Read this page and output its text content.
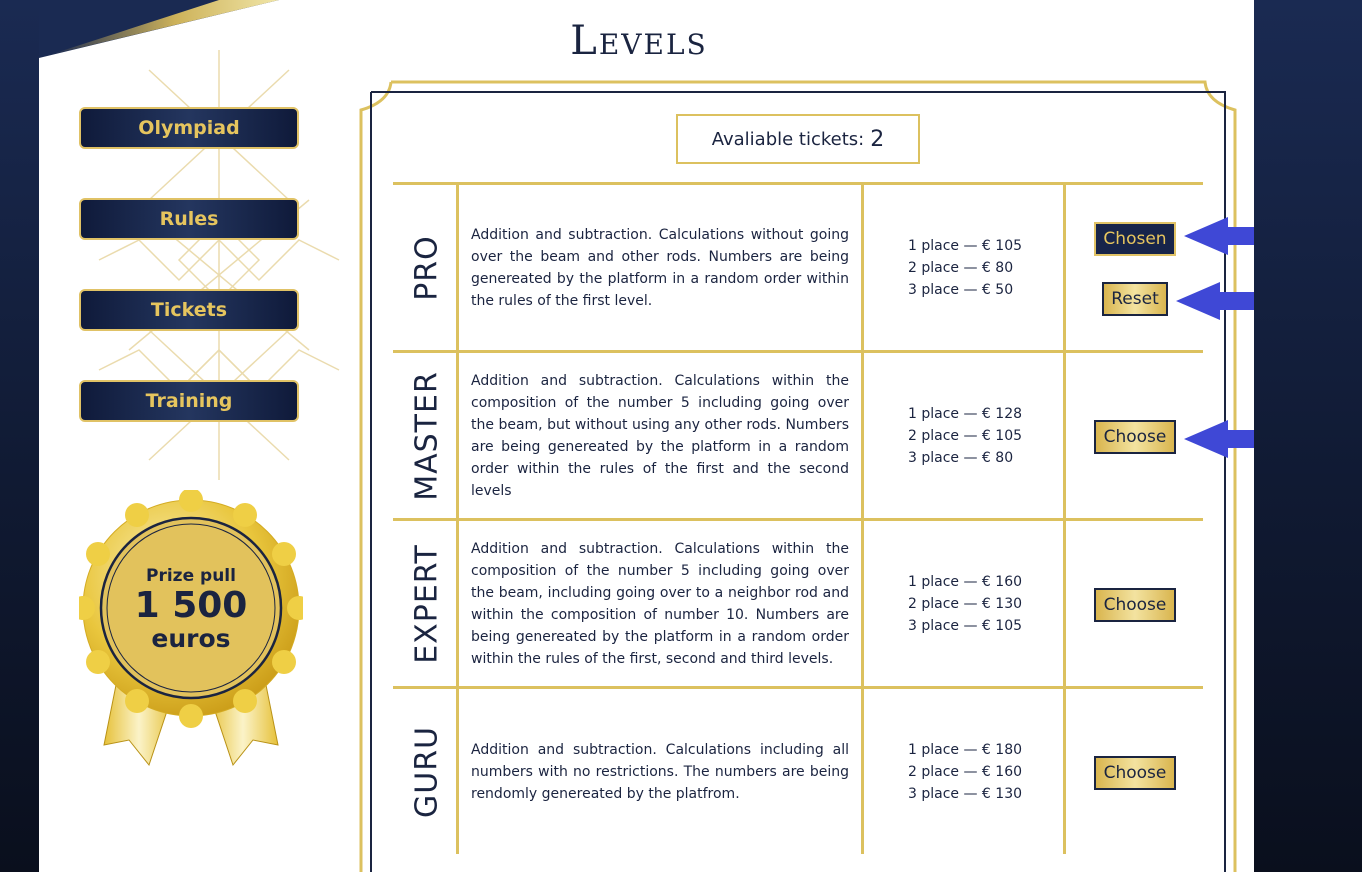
Olympiad
Rules
Tickets
Training
Prize pull
1 500
euros
Levels
Avaliable tickets: 2
PRO
Addition and subtraction. Calculations without going over the beam and other rods. Numbers are being genereated by the platform in a random order within the rules of the first level.
1 place — € 105
2 place — € 80
3 place — € 50
Chosen
Reset
MASTER Addition and subtraction. Calculations within the composition of the number 5 including going over the beam, but without using any other rods. Numbers are being genereated by the platform in a random order within the rules of the first and the second levels
1 place — € 128
2 place — € 105
3 place — € 80
Choose
EXPERT Addition and subtraction. Calculations within the composition of the number 5 including going over the beam, including going over to a neighbor rod and within the composition of number 10. Numbers are being genereated by the platform in a random order within the rules of the first, second and third levels.
1 place — € 160
2 place — € 130
3 place — € 105
Choose
GURU Addition and subtraction. Calculations including all numbers with no restrictions. The numbers are being rendomly genereated by the platfrom.
1 place — € 180
2 place — € 160
3 place — € 130
Choose
